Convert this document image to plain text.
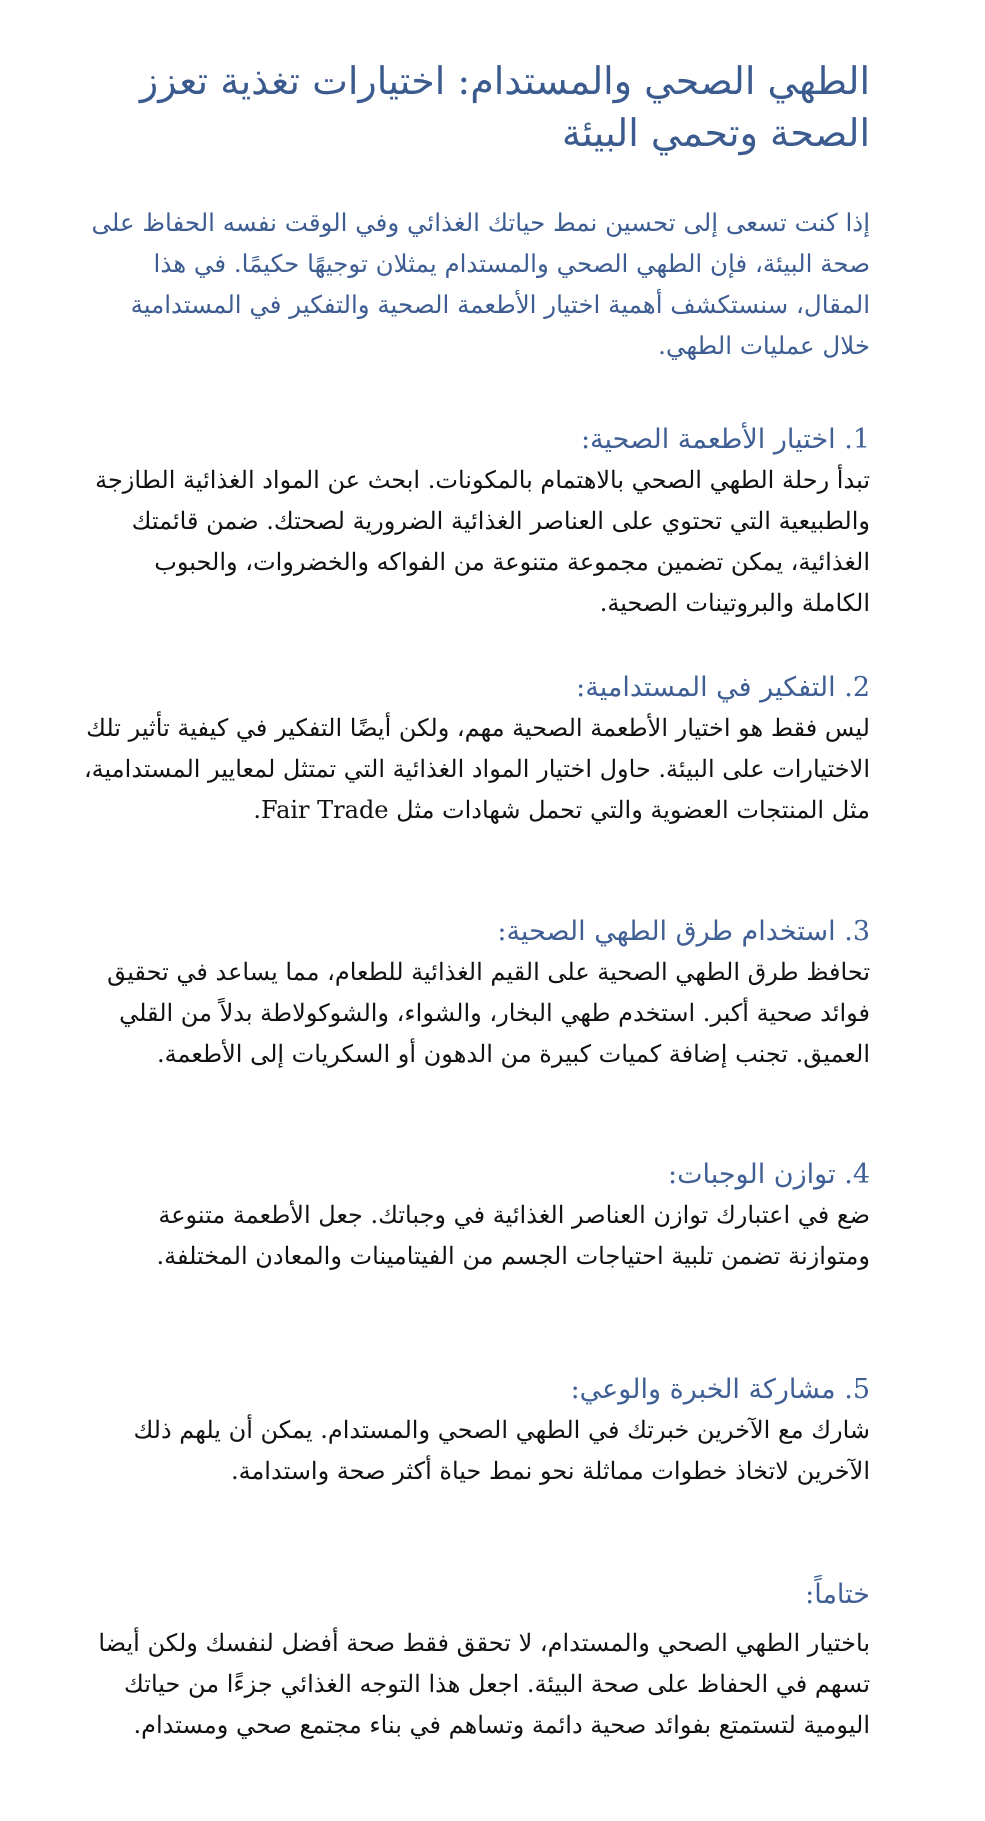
الطهي الصحي والمستدام: اختيارات تغذية تعزز الصحة وتحمي البيئة

إذا كنت تسعى إلى تحسين نمط حياتك الغذائي وفي الوقت نفسه الحفاظ على صحة البيئة، فإن الطهي الصحي والمستدام يمثلان توجيهًا حكيمًا. في هذا المقال، سنستكشف أهمية اختيار الأطعمة الصحية والتفكير في المستدامية خلال عمليات الطهي.

1. اختيار الأطعمة الصحية:

تبدأ رحلة الطهي الصحي بالاهتمام بالمكونات. ابحث عن المواد الغذائية الطازجة والطبيعية التي تحتوي على العناصر الغذائية الضرورية لصحتك. ضمن قائمتك الغذائية، يمكن تضمين مجموعة متنوعة من الفواكه والخضروات، والحبوب الكاملة والبروتينات الصحية.

2. التفكير في المستدامية:

ليس فقط هو اختيار الأطعمة الصحية مهم، ولكن أيضًا التفكير في كيفية تأثير تلك الاختيارات على البيئة. حاول اختيار المواد الغذائية التي تمتثل لمعايير المستدامية، مثل المنتجات العضوية والتي تحمل شهادات مثل Fair Trade.

3. استخدام طرق الطهي الصحية:

تحافظ طرق الطهي الصحية على القيم الغذائية للطعام، مما يساعد في تحقيق فوائد صحية أكبر. استخدم طهي البخار، والشواء، والشوكولاطة بدلاً من القلي العميق. تجنب إضافة كميات كبيرة من الدهون أو السكريات إلى الأطعمة.

4. توازن الوجبات:

ضع في اعتبارك توازن العناصر الغذائية في وجباتك. جعل الأطعمة متنوعة ومتوازنة تضمن تلبية احتياجات الجسم من الفيتامينات والمعادن المختلفة.

5. مشاركة الخبرة والوعي:

شارك مع الآخرين خبرتك في الطهي الصحي والمستدام. يمكن أن يلهم ذلك الآخرين لاتخاذ خطوات مماثلة نحو نمط حياة أكثر صحة واستدامة.

ختاماً:

باختيار الطهي الصحي والمستدام، لا تحقق فقط صحة أفضل لنفسك ولكن أيضا تسهم في الحفاظ على صحة البيئة. اجعل هذا التوجه الغذائي جزءًا من حياتك اليومية لتستمتع بفوائد صحية دائمة وتساهم في بناء مجتمع صحي ومستدام.
